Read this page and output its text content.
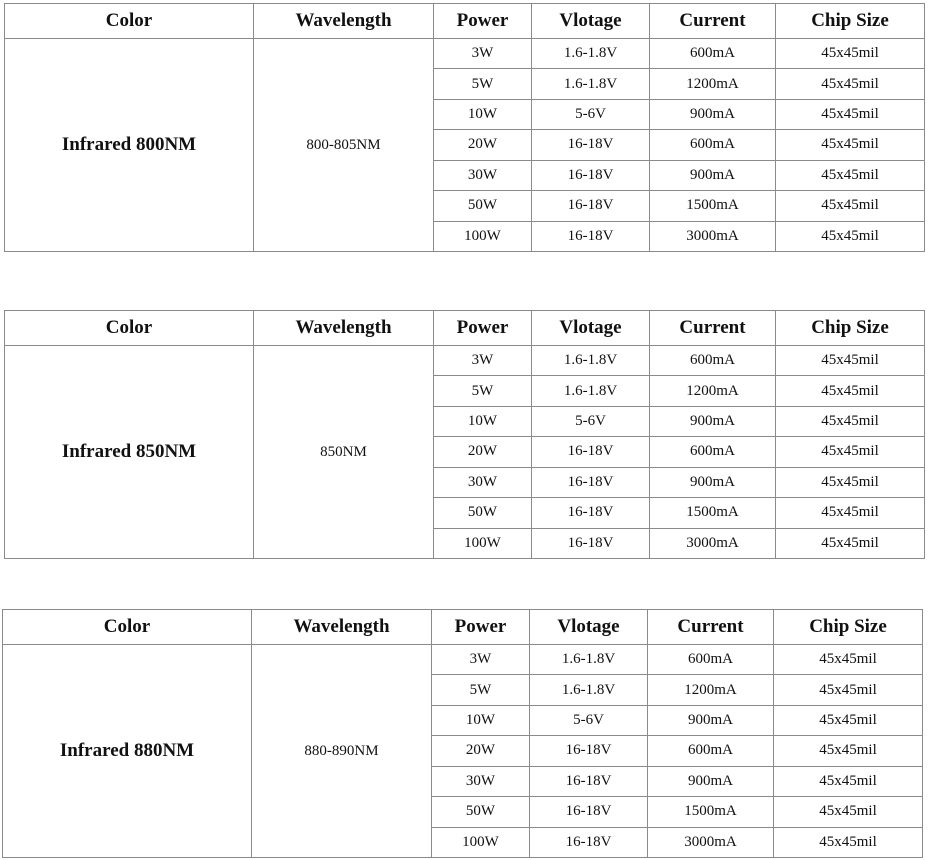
Color	Wavelength	Power	Vlotage	Current	Chip Size
Infrared 800NM	800-805NM	3W	1.6-1.8V	600mA	45x45mil
		5W	1.6-1.8V	1200mA	45x45mil
		10W	5-6V	900mA	45x45mil
		20W	16-18V	600mA	45x45mil
		30W	16-18V	900mA	45x45mil
		50W	16-18V	1500mA	45x45mil
		100W	16-18V	3000mA	45x45mil
Color	Wavelength	Power	Vlotage	Current	Chip Size
Infrared 850NM	850NM	3W	1.6-1.8V	600mA	45x45mil
		5W	1.6-1.8V	1200mA	45x45mil
		10W	5-6V	900mA	45x45mil
		20W	16-18V	600mA	45x45mil
		30W	16-18V	900mA	45x45mil
		50W	16-18V	1500mA	45x45mil
		100W	16-18V	3000mA	45x45mil
Color	Wavelength	Power	Vlotage	Current	Chip Size
Infrared 880NM	880-890NM	3W	1.6-1.8V	600mA	45x45mil
		5W	1.6-1.8V	1200mA	45x45mil
		10W	5-6V	900mA	45x45mil
		20W	16-18V	600mA	45x45mil
		30W	16-18V	900mA	45x45mil
		50W	16-18V	1500mA	45x45mil
		100W	16-18V	3000mA	45x45mil
